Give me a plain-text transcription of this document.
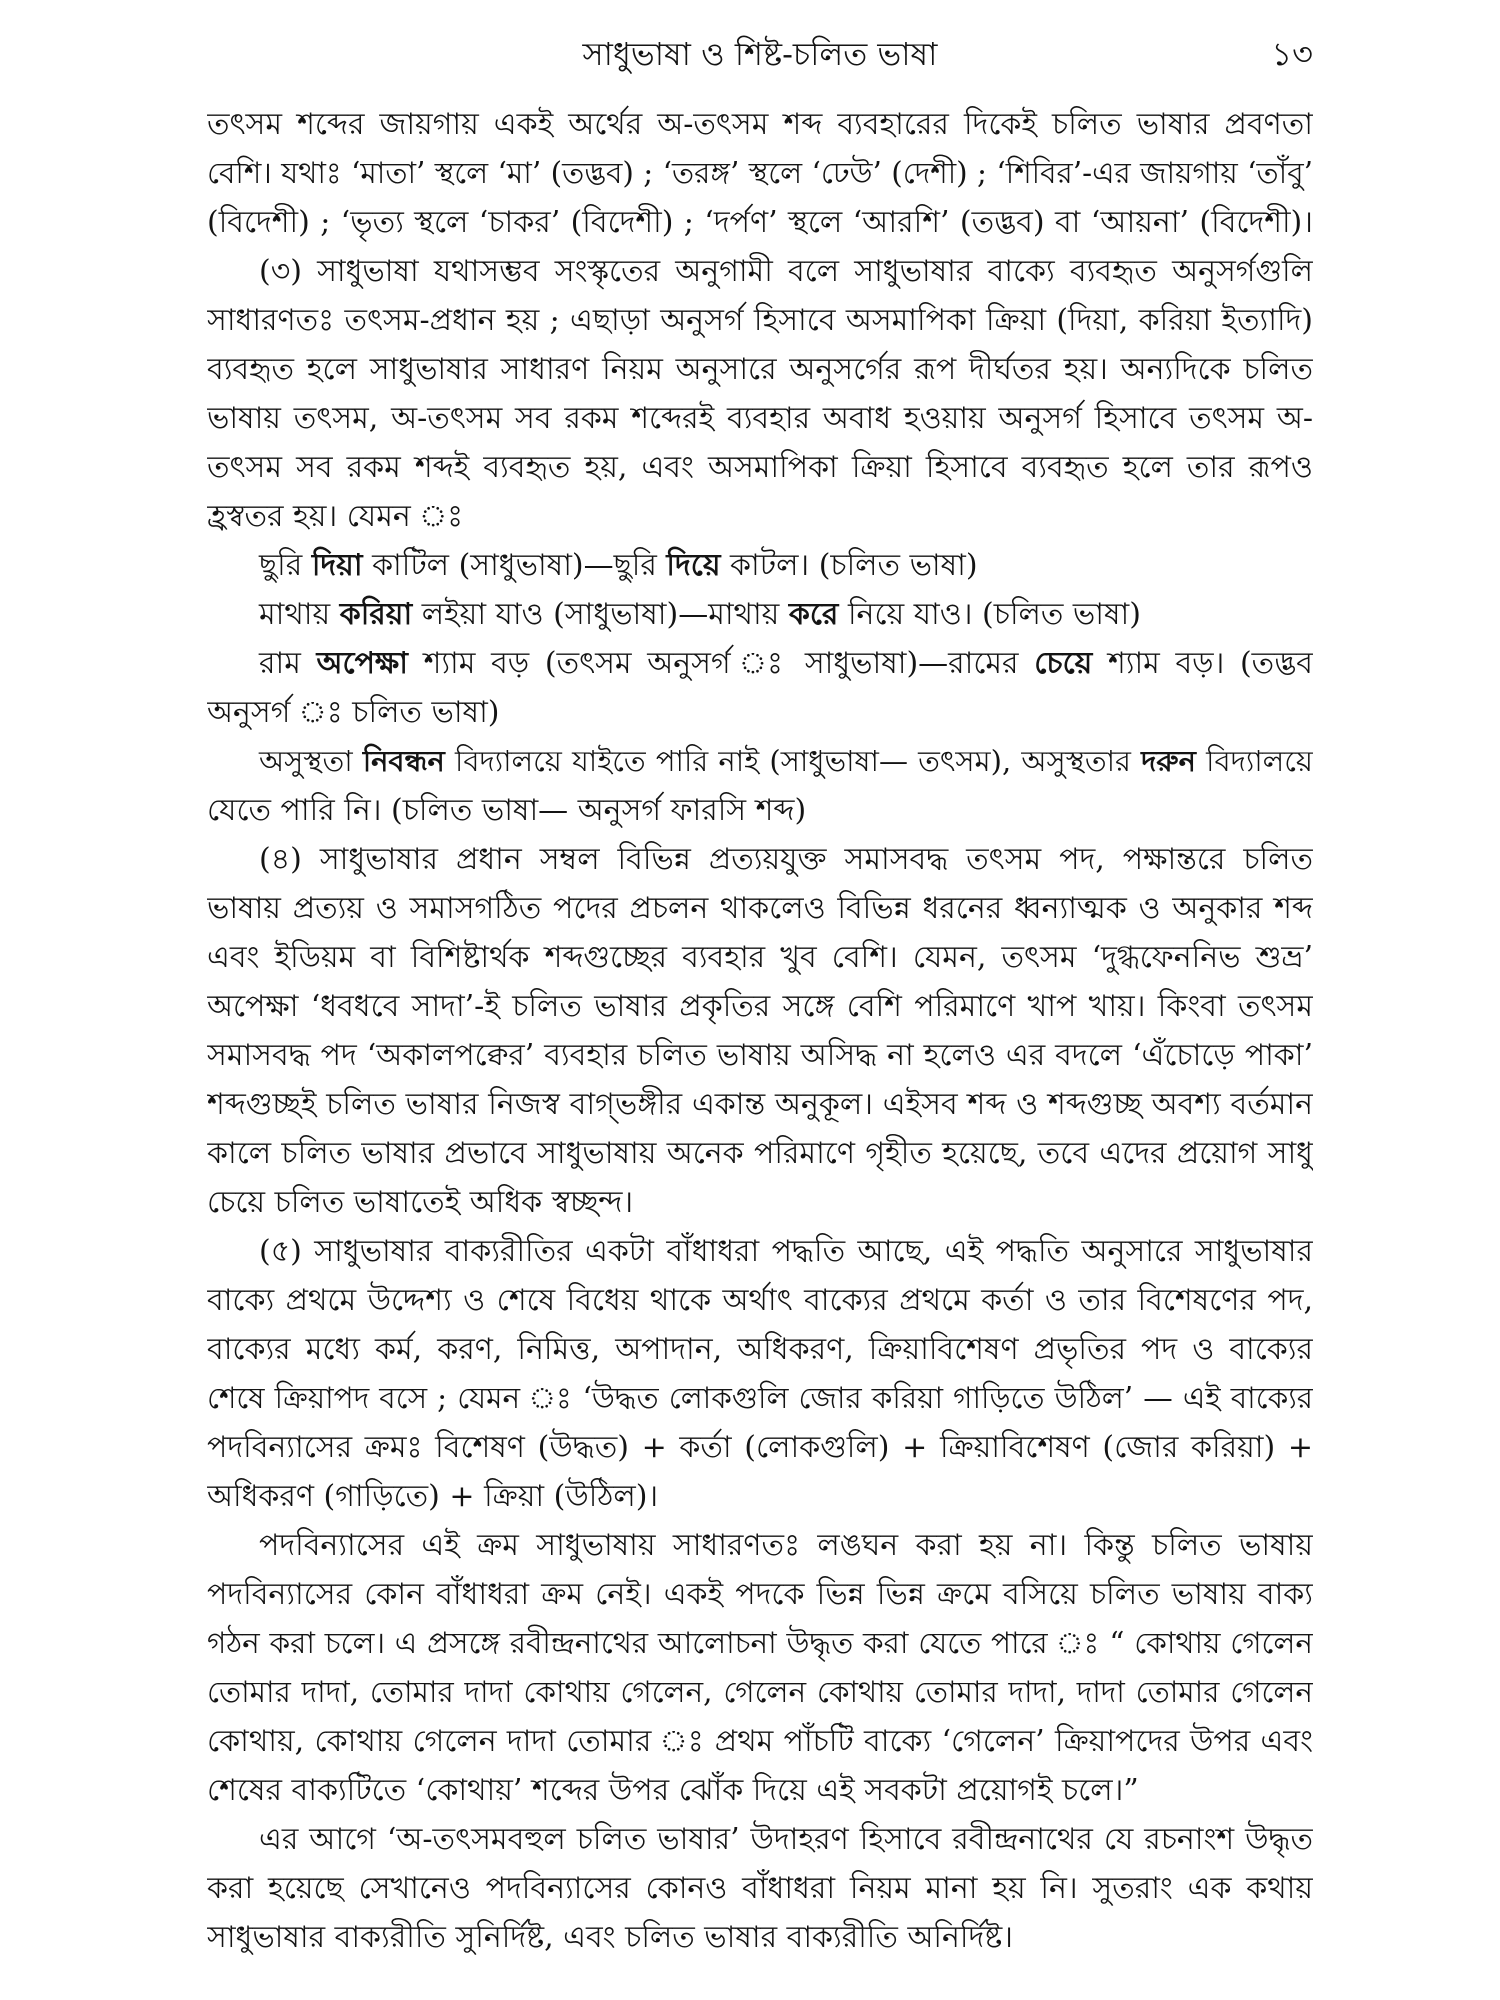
সাধুভাষা ও শিষ্ট-চলিত ভাষা	১৩
তৎসম শব্দের জায়গায় একই অর্থের অ-তৎসম শব্দ ব্যবহারের দিকেই চলিত ভাষার প্রবণতা
বেশি। যথাঃ ‘মাতা’ স্থলে ‘মা’ (তদ্ভব) ; ‘তরঙ্গ’ স্থলে ‘ঢেউ’ (দেশী) ; ‘শিবির’-এর জায়গায় ‘তাঁবু’
(বিদেশী) ; ‘ভৃত্য স্থলে ‘চাকর’ (বিদেশী) ; ‘দর্পণ’ স্থলে ‘আরশি’ (তদ্ভব) বা ‘আয়না’ (বিদেশী)।
(৩) সাধুভাষা যথাসম্ভব সংস্কৃতের অনুগামী বলে সাধুভাষার বাক্যে ব্যবহৃত অনুসর্গগুলি
সাধারণতঃ তৎসম-প্রধান হয় ; এছাড়া অনুসর্গ হিসাবে অসমাপিকা ক্রিয়া (দিয়া, করিয়া ইত্যাদি)
ব্যবহৃত হলে সাধুভাষার সাধারণ নিয়ম অনুসারে অনুসর্গের রূপ দীর্ঘতর হয়। অন্যদিকে চলিত
ভাষায় তৎসম, অ-তৎসম সব রকম শব্দেরই ব্যবহার অবাধ হওয়ায় অনুসর্গ হিসাবে তৎসম অ-
তৎসম সব রকম শব্দই ব্যবহৃত হয়, এবং অসমাপিকা ক্রিয়া হিসাবে ব্যবহৃত হলে তার রূপও
হ্রস্বতর হয়। যেমন ঃ
ছুরি দিয়া কাটিল (সাধুভাষা)—ছুরি দিয়ে কাটল। (চলিত ভাষা)
মাথায় করিয়া লইয়া যাও (সাধুভাষা)—মাথায় করে নিয়ে যাও। (চলিত ভাষা)
রাম অপেক্ষা শ্যাম বড় (তৎসম অনুসর্গ ঃ সাধুভাষা)—রামের চেয়ে শ্যাম বড়। (তদ্ভব
অনুসর্গ ঃ চলিত ভাষা)
অসুস্থতা নিবন্ধন বিদ্যালয়ে যাইতে পারি নাই (সাধুভাষা— তৎসম), অসুস্থতার দরুন বিদ্যালয়ে
যেতে পারি নি। (চলিত ভাষা— অনুসর্গ ফারসি শব্দ)
(৪) সাধুভাষার প্রধান সম্বল বিভিন্ন প্রত্যয়যুক্ত সমাসবদ্ধ তৎসম পদ, পক্ষান্তরে চলিত
ভাষায় প্রত্যয় ও সমাসগঠিত পদের প্রচলন থাকলেও বিভিন্ন ধরনের ধ্বন্যাত্মক ও অনুকার শব্দ
এবং ইডিয়ম বা বিশিষ্টার্থক শব্দগুচ্ছের ব্যবহার খুব বেশি। যেমন, তৎসম ‘দুগ্ধফেননিভ শুভ্র’
অপেক্ষা ‘ধবধবে সাদা’-ই চলিত ভাষার প্রকৃতির সঙ্গে বেশি পরিমাণে খাপ খায়। কিংবা তৎসম
সমাসবদ্ধ পদ ‘অকালপক্বের’ ব্যবহার চলিত ভাষায় অসিদ্ধ না হলেও এর বদলে ‘এঁচোড়ে পাকা’
শব্দগুচ্ছই চলিত ভাষার নিজস্ব বাগ্‌ভঙ্গীর একান্ত অনুকূল। এইসব শব্দ ও শব্দগুচ্ছ অবশ্য বর্তমান
কালে চলিত ভাষার প্রভাবে সাধুভাষায় অনেক পরিমাণে গৃহীত হয়েছে, তবে এদের প্রয়োগ সাধু
চেয়ে চলিত ভাষাতেই অধিক স্বচ্ছন্দ।
(৫) সাধুভাষার বাক্যরীতির একটা বাঁধাধরা পদ্ধতি আছে, এই পদ্ধতি অনুসারে সাধুভাষার
বাক্যে প্রথমে উদ্দেশ্য ও শেষে বিধেয় থাকে অর্থাৎ বাক্যের প্রথমে কর্তা ও তার বিশেষণের পদ,
বাক্যের মধ্যে কর্ম, করণ, নিমিত্ত, অপাদান, অধিকরণ, ক্রিয়াবিশেষণ প্রভৃতির পদ ও বাক্যের
শেষে ক্রিয়াপদ বসে ; যেমন ঃ ‘উদ্ধত লোকগুলি জোর করিয়া গাড়িতে উঠিল’ — এই বাক্যের
পদবিন্যাসের ক্রমঃ বিশেষণ (উদ্ধত) + কর্তা (লোকগুলি) + ক্রিয়াবিশেষণ (জোর করিয়া) +
অধিকরণ (গাড়িতে) + ক্রিয়া (উঠিল)।
পদবিন্যাসের এই ক্রম সাধুভাষায় সাধারণতঃ লঙঘন করা হয় না। কিন্তু চলিত ভাষায়
পদবিন্যাসের কোন বাঁধাধরা ক্রম নেই। একই পদকে ভিন্ন ভিন্ন ক্রমে বসিয়ে চলিত ভাষায় বাক্য
গঠন করা চলে। এ প্রসঙ্গে রবীন্দ্রনাথের আলোচনা উদ্ধৃত করা যেতে পারে ঃ “ কোথায় গেলেন
তোমার দাদা, তোমার দাদা কোথায় গেলেন, গেলেন কোথায় তোমার দাদা, দাদা তোমার গেলেন
কোথায়, কোথায় গেলেন দাদা তোমার ঃ প্রথম পাঁচটি বাক্যে ‘গেলেন’ ক্রিয়াপদের উপর এবং
শেষের বাক্যটিতে ‘কোথায়’ শব্দের উপর ঝোঁক দিয়ে এই সবকটা প্রয়োগই চলে।”
এর আগে ‘অ-তৎসমবহুল চলিত ভাষার’ উদাহরণ হিসাবে রবীন্দ্রনাথের যে রচনাংশ উদ্ধৃত
করা হয়েছে সেখানেও পদবিন্যাসের কোনও বাঁধাধরা নিয়ম মানা হয় নি। সুতরাং এক কথায়
সাধুভাষার বাক্যরীতি সুনির্দিষ্ট, এবং চলিত ভাষার বাক্যরীতি অনির্দিষ্ট।
